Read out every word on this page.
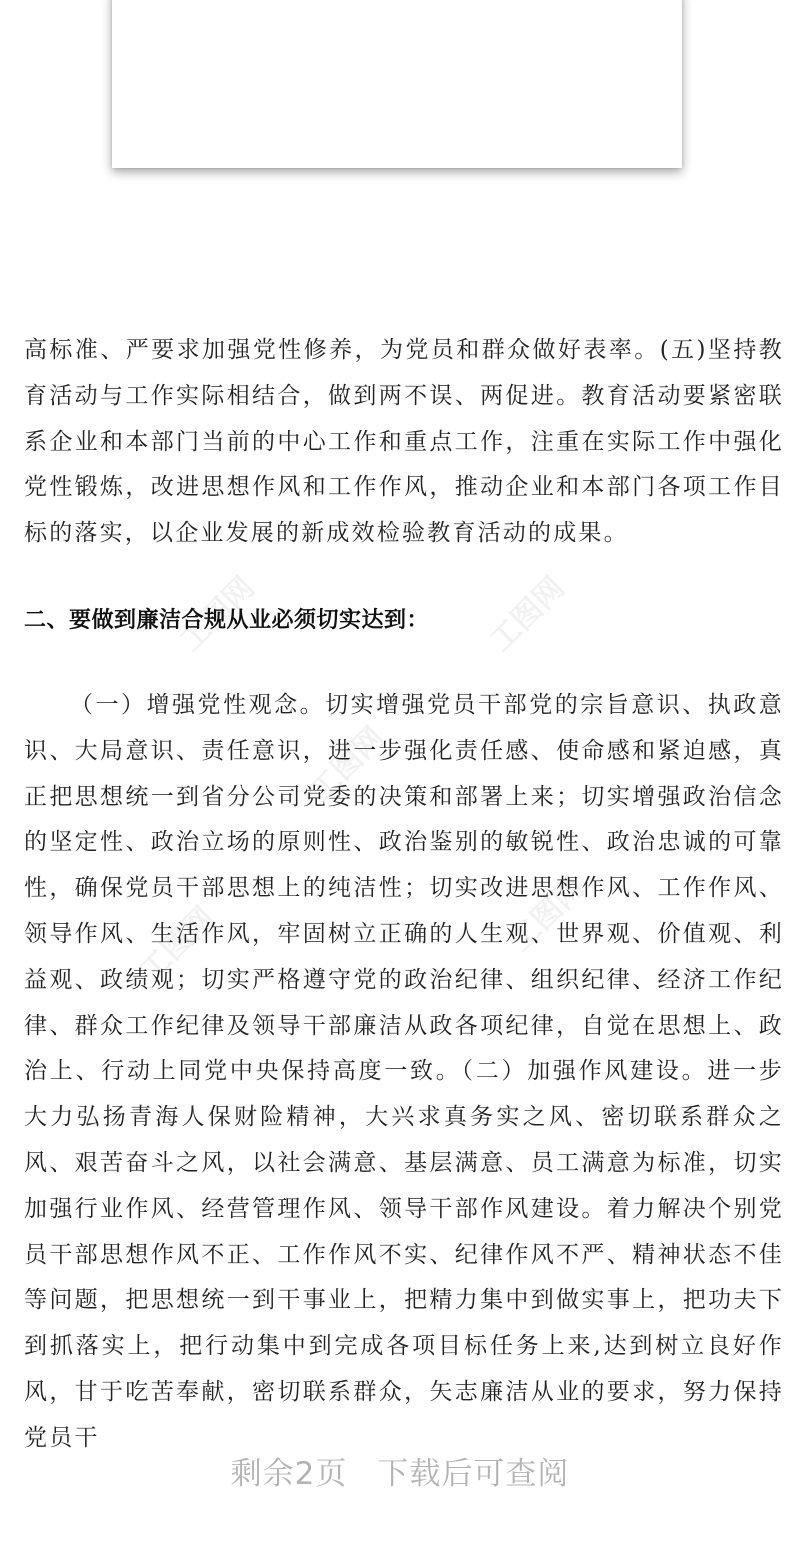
工图网	工图网
工图网
工图网	工图网

高标准、严要求加强党性修养，为党员和群众做好表率。(五)坚持教育活动与工作实际相结合，做到两不误、两促进。教育活动要紧密联系企业和本部门当前的中心工作和重点工作，注重在实际工作中强化党性锻炼，改进思想作风和工作作风，推动企业和本部门各项工作目标的落实，以企业发展的新成效检验教育活动的成果。

二、要做到廉洁合规从业必须切实达到：

（一）增强党性观念。切实增强党员干部党的宗旨意识、执政意识、大局意识、责任意识，进一步强化责任感、使命感和紧迫感，真正把思想统一到省分公司党委的决策和部署上来；切实增强政治信念的坚定性、政治立场的原则性、政治鉴别的敏锐性、政治忠诚的可靠性，确保党员干部思想上的纯洁性；切实改进思想作风、工作作风、领导作风、生活作风，牢固树立正确的人生观、世界观、价值观、利益观、政绩观；切实严格遵守党的政治纪律、组织纪律、经济工作纪律、群众工作纪律及领导干部廉洁从政各项纪律，自觉在思想上、政治上、行动上同党中央保持高度一致。（二）加强作风建设。进一步大力弘扬青海人保财险精神，大兴求真务实之风、密切联系群众之风、艰苦奋斗之风，以社会满意、基层满意、员工满意为标准，切实加强行业作风、经营管理作风、领导干部作风建设。着力解决个别党员干部思想作风不正、工作作风不实、纪律作风不严、精神状态不佳等问题，把思想统一到干事业上，把精力集中到做实事上，把功夫下到抓落实上，把行动集中到完成各项目标任务上来,达到树立良好作风，甘于吃苦奉献，密切联系群众，矢志廉洁从业的要求，努力保持党员干

剩余2页 下载后可查阅
